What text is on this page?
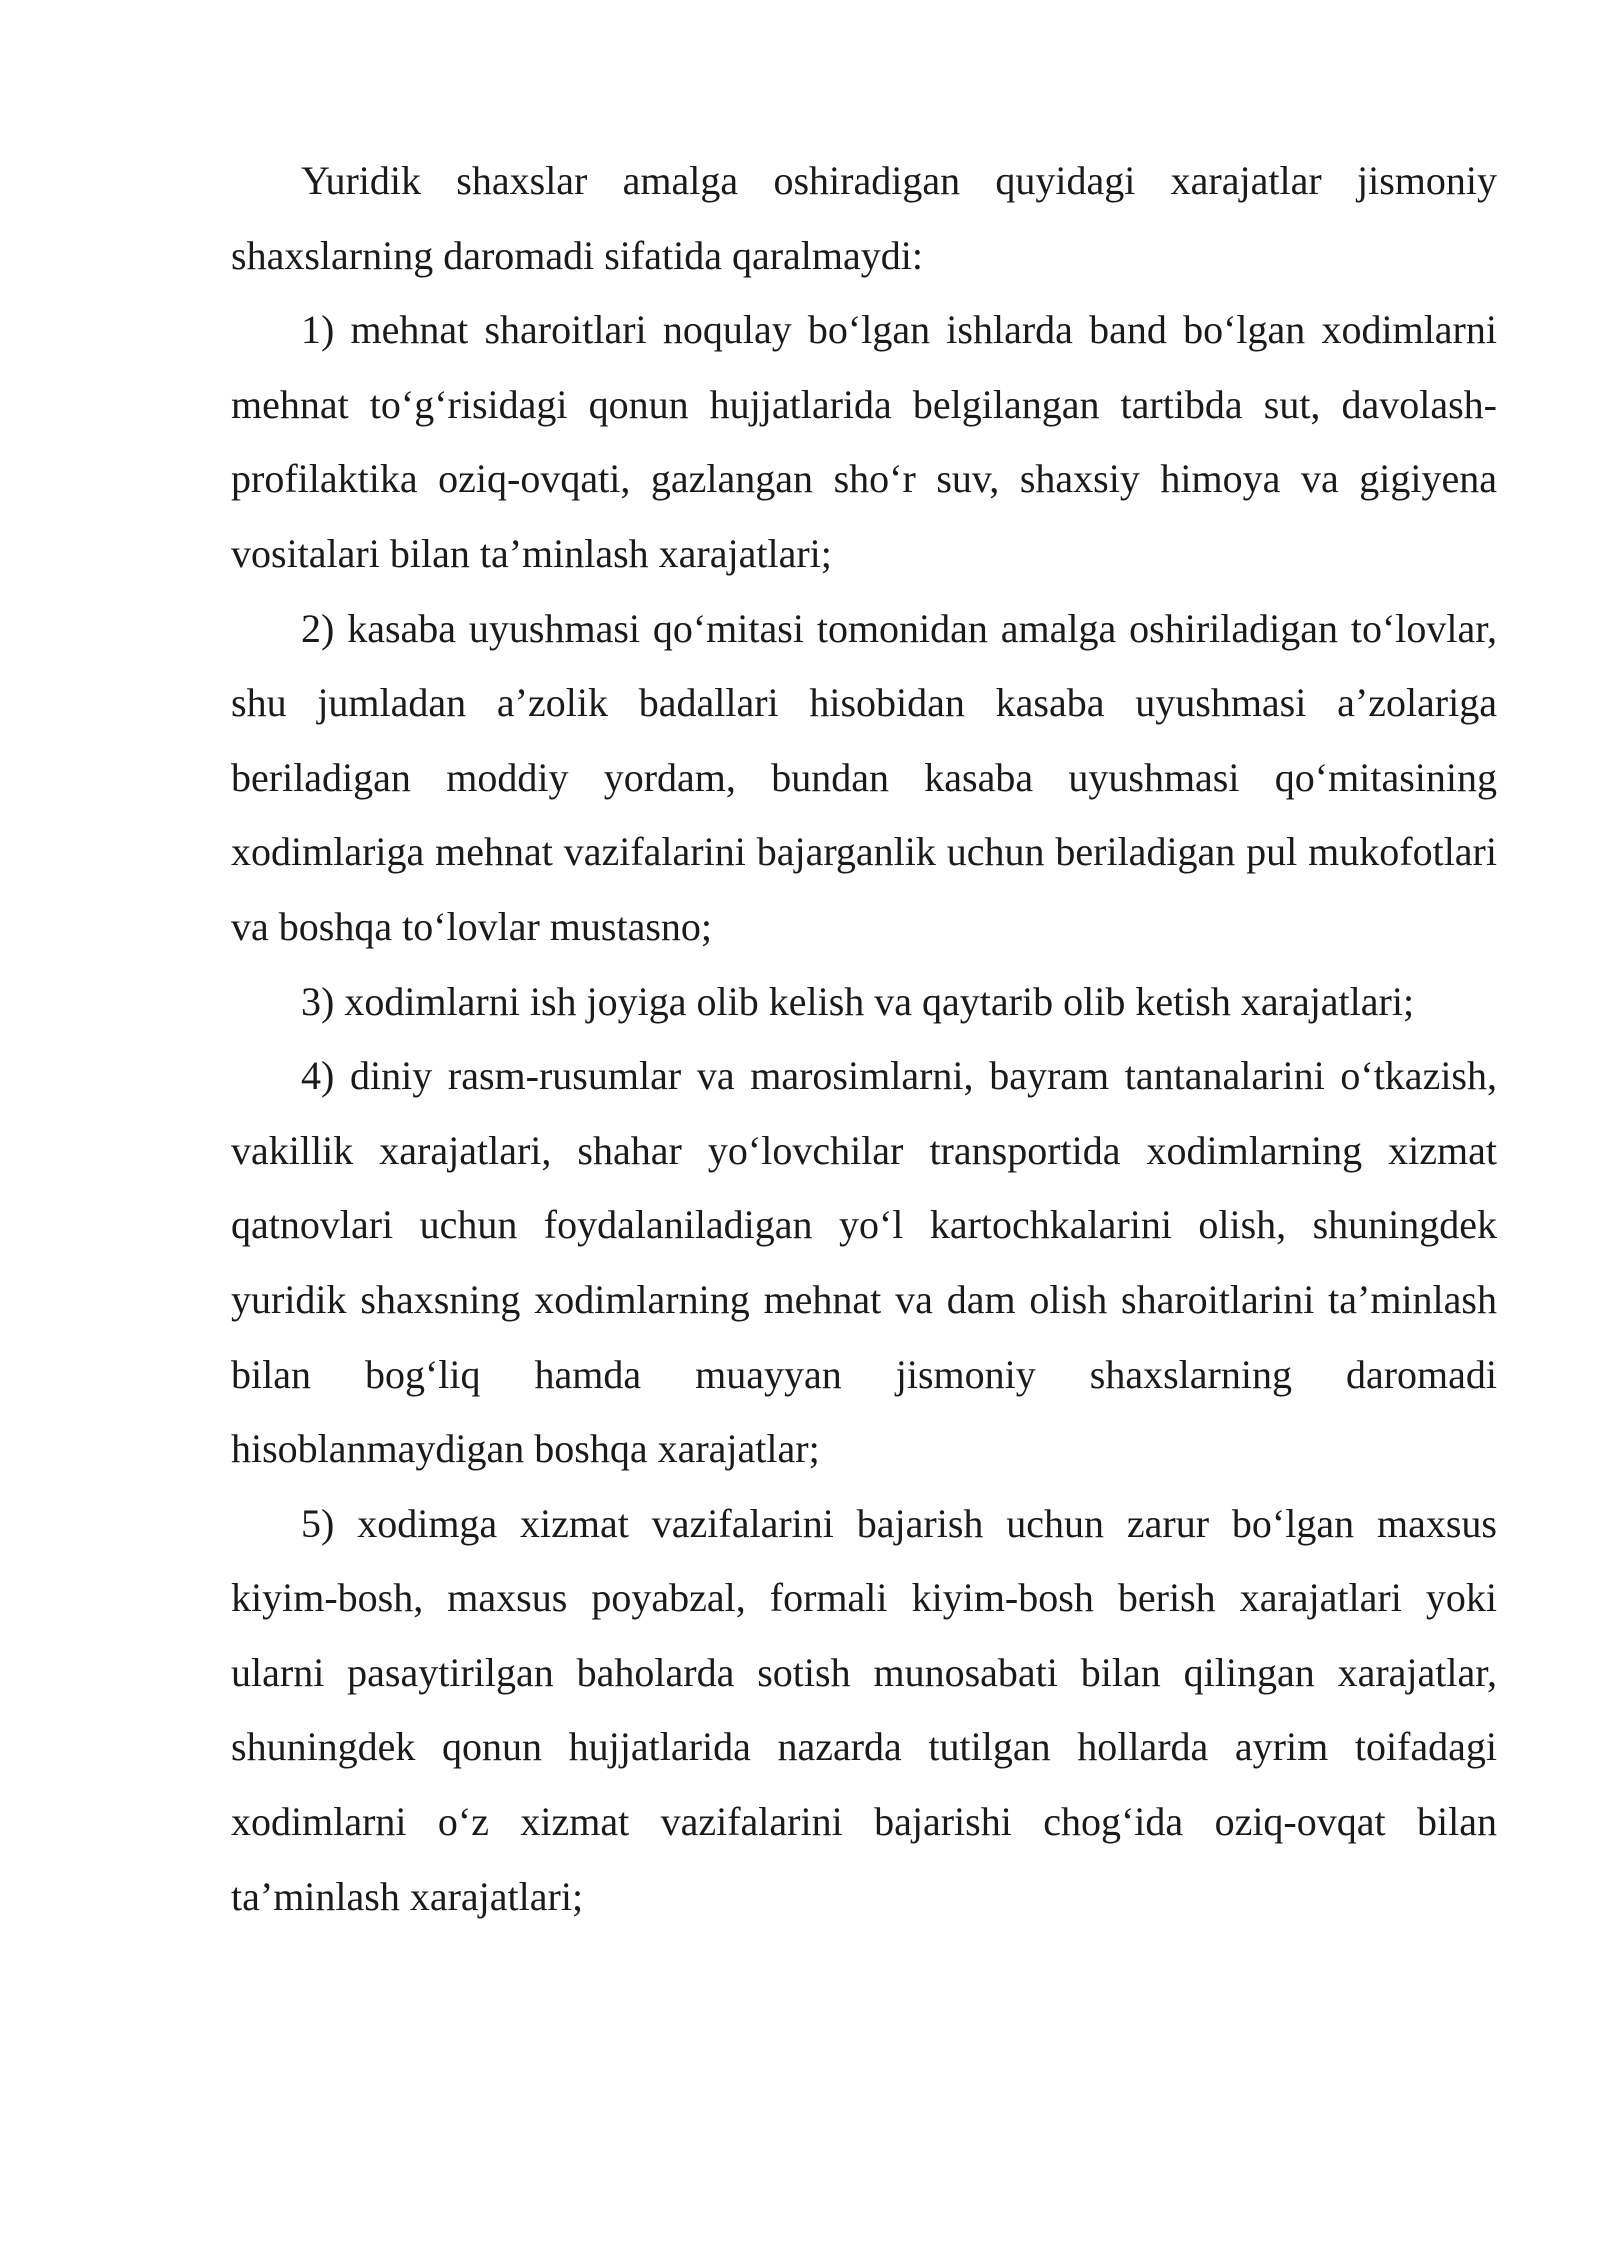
Yuridik shaxslar amalga oshiradigan quyidagi xarajatlar jismoniy shaxslarning daromadi sifatida qaralmaydi:

1) mehnat sharoitlari noqulay bo‘lgan ishlarda band bo‘lgan xodimlarni mehnat to‘g‘risidagi qonun hujjatlarida belgilangan tartibda sut, davolash-profilaktika oziq-ovqati, gazlangan sho‘r suv, shaxsiy himoya va gigiyena vositalari bilan ta’minlash xarajatlari;

2) kasaba uyushmasi qo‘mitasi tomonidan amalga oshiriladigan to‘lovlar, shu jumladan a’zolik badallari hisobidan kasaba uyushmasi a’zolariga beriladigan moddiy yordam, bundan kasaba uyushmasi qo‘mitasining xodimlariga mehnat vazifalarini bajarganlik uchun beriladigan pul mukofotlari va boshqa to‘lovlar mustasno;

3) xodimlarni ish joyiga olib kelish va qaytarib olib ketish xarajatlari;

4) diniy rasm-rusumlar va marosimlarni, bayram tantanalarini o‘tkazish, vakillik xarajatlari, shahar yo‘lovchilar transportida xodimlarning xizmat qatnovlari uchun foydalaniladigan yo‘l kartochkalarini olish, shuningdek yuridik shaxsning xodimlarning mehnat va dam olish sharoitlarini ta’minlash bilan bog‘liq hamda muayyan jismoniy shaxslarning daromadi hisoblanmaydigan boshqa xarajatlar;

5) xodimga xizmat vazifalarini bajarish uchun zarur bo‘lgan maxsus kiyim-bosh, maxsus poyabzal, formali kiyim-bosh berish xarajatlari yoki ularni pasaytirilgan baholarda sotish munosabati bilan qilingan xarajatlar, shuningdek qonun hujjatlarida nazarda tutilgan hollarda ayrim toifadagi xodimlarni o‘z xizmat vazifalarini bajarishi chog‘ida oziq-ovqat bilan ta’minlash xarajatlari;
